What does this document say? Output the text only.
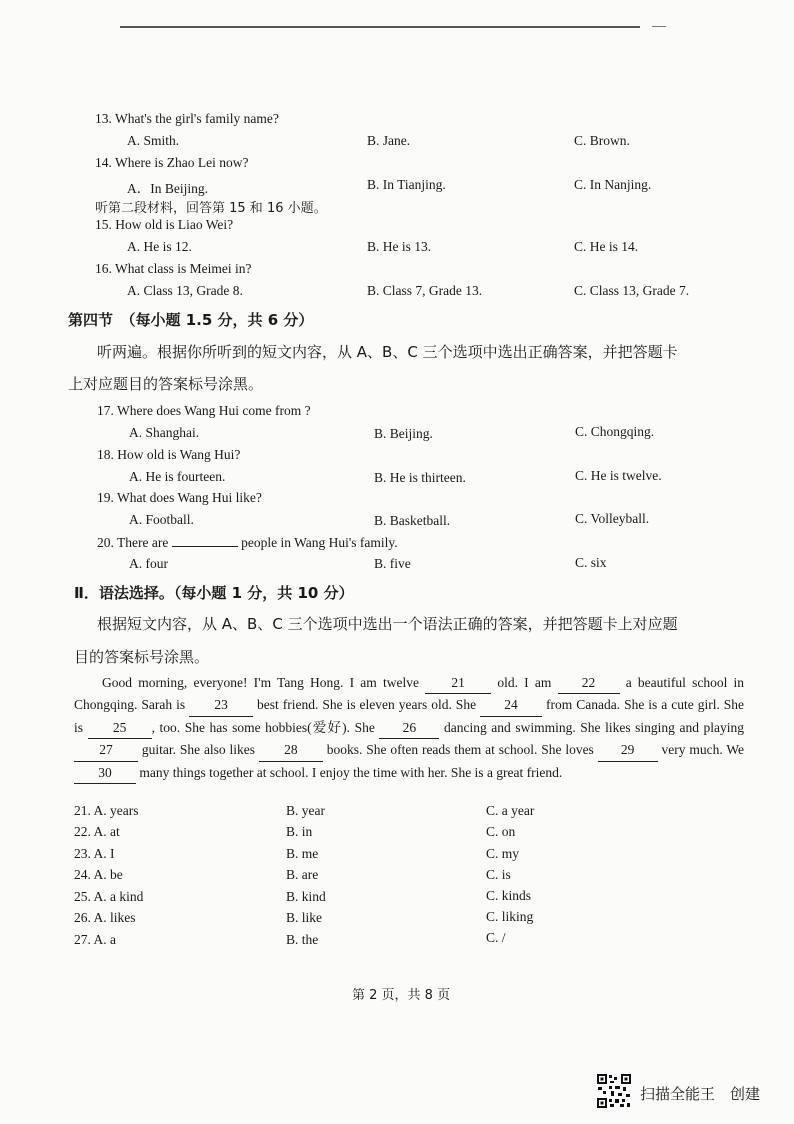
13. What's the girl's family name?
A. Smith.	B. Jane.	C. Brown.
14. Where is Zhao Lei now?
A．In Beijing.	B. In Tianjing.	C. In Nanjing.
听第二段材料，回答第 15 和 16 小题。
15. How old is Liao Wei?
A. He is 12.	B. He is 13.	C. He is 14.
16. What class is Meimei in?
A. Class 13, Grade 8.	B. Class 7, Grade 13.	C. Class 13, Grade 7.
第四节　（每小题 1.5 分，共 6 分）
听两遍。根据你所听到的短文内容，从 A、B、C 三个选项中选出正确答案，并把答题卡
上对应题目的答案标号涂黑。
17. Where does Wang Hui come from ?
A. Shanghai.	B. Beijing.	C. Chongqing.
18. How old is Wang Hui?
A. He is fourteen.	B. He is thirteen.	C. He is twelve.
19. What does Wang Hui like?
A. Football.	B. Basketball.	C. Volleyball.
20. There are	people in Wang Hui's family.
A. four	B. five	C. six
Ⅱ．语法选择。（每小题 1 分，共 10 分）
根据短文内容，从 A、B、C 三个选项中选出一个语法正确的答案，并把答题卡上对应题
目的答案标号涂黑。
Good morning, everyone! I'm Tang Hong. I am twelve 21 old. I am 22 a beautiful school in Chongqing. Sarah is 23 best friend. She is eleven years old. She 24 from Canada. She is a cute girl. She is 25 , too. She has some hobbies(爱好). She 26 dancing and swimming. She likes singing and playing 27 guitar. She also likes 28 books. She often reads them at school. She loves 29 very much. We 30 many things together at school. I enjoy the time with her. She is a great friend.
21. A. years	B. year	C. a year
22. A. at	B. in	C. on
23. A. I	B. me	C. my
24. A. be	B. are	C. is
25. A. a kind	B. kind	C. kinds
26. A. likes	B. like	C. liking
27. A. a	B. the	C. /
第 2 页，共 8 页
扫描全能王　创建
